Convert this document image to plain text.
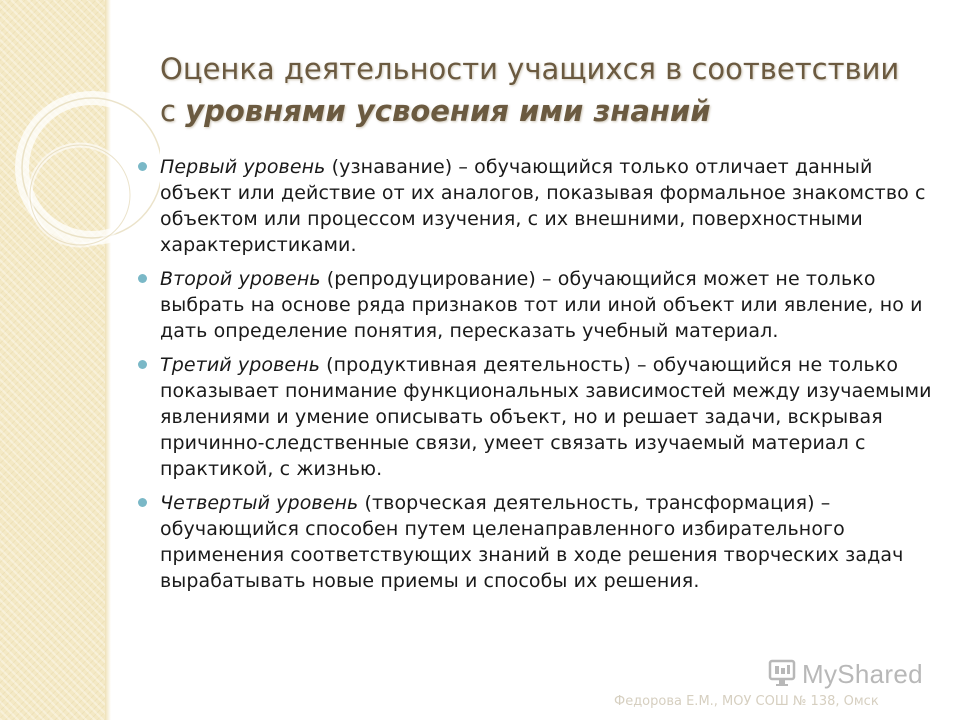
Оценка деятельности учащихся в соответствии
с уровнями усвоения ими знаний
Первый уровень (узнавание) – обучающийся только отличает данный объект или действие от их аналогов, показывая формальное знакомство с объектом или процессом изучения, с их внешними, поверхностными характеристиками.
Второй уровень (репродуцирование) – обучающийся может не только выбрать на основе ряда признаков тот или иной объект или явление, но и дать определение понятия, пересказать учебный материал.
Третий уровень (продуктивная деятельность) – обучающийся не только показывает понимание функциональных зависимостей между изучаемыми явлениями и умение описывать объект, но и решает задачи, вскрывая причинно-следственные связи, умеет связать изучаемый материал с практикой, с жизнью.
Четвертый уровень (творческая деятельность, трансформация) – обучающийся способен путем целенаправленного избирательного применения соответствующих знаний в ходе решения творческих задач вырабатывать новые приемы и способы их решения.
MyShared
Федорова Е.М., МОУ СОШ № 138, Омск
